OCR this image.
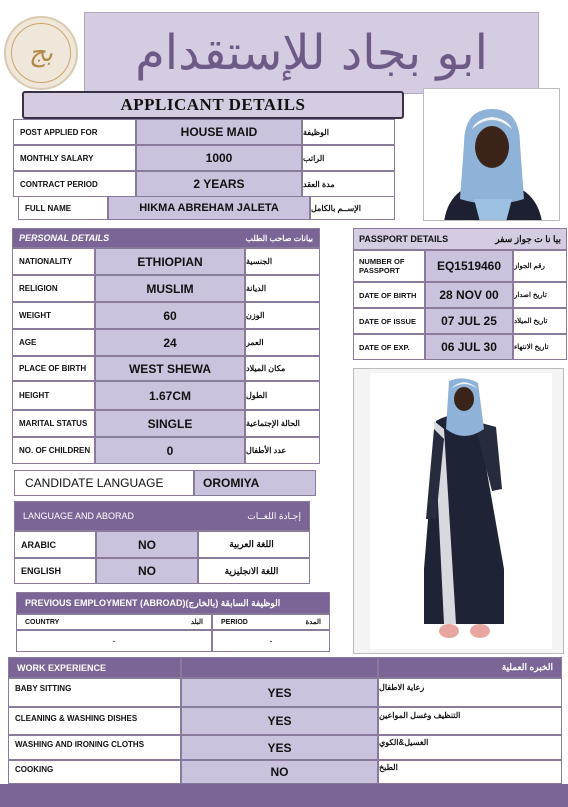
بج ابو بجاد للإستقدام
APPLICANT DETAILS
POST APPLIED FOR	HOUSE MAID	الوظيفة
MONTHLY SALARY	1000	الراتب
CONTRACT PERIOD	2 YEARS	مدة العقد
FULL NAME	HIKMA ABREHAM JALETA	الإســم بالكامل
PERSONAL DETAILS	بيانات صاحب الطلب
NATIONALITY	ETHIOPIAN	الجنسية
RELIGION	MUSLIM	الديانة
WEIGHT	60	الوزن
AGE	24	العمر
PLACE OF BIRTH	WEST SHEWA	مكان الميلاد
HEIGHT	1.67CM	الطول
MARITAL STATUS	SINGLE	الحالة الإجتماعية
NO. OF CHILDREN	0	عدد الأطفال
PASSPORT DETAILS	بيا نا ت جواز سفر
NUMBER OF PASSPORT	EQ1519460	رقم الجواز
DATE OF BIRTH	28 NOV 00	تاريخ اصدار
DATE OF ISSUE	07 JUL 25	تاريخ الميلاد
DATE OF EXP.	06 JUL 30	تاريخ الانتهاء
CANDIDATE LANGUAGE	OROMIYA
LANGUAGE AND ABORAD	إجـادة اللغــات
ARABIC	NO	اللغة العربية
ENGLISH	NO	اللغة الانجليزية
PREVIOUS EMPLOYMENT (ABROAD)(بالخارج) الوظيفة السابقة
COUNTRY	البلد	PERIOD	المدة
-	-
WORK EXPERIENCE	الخبره العملية
BABY SITTING	YES	رعاية الاطفال
CLEANING & WASHING DISHES	YES	التنظيف وغسل المواعين
WASHING AND IRONING CLOTHS	YES	الغسيل&الكوي
COOKING	NO	الطبخ
